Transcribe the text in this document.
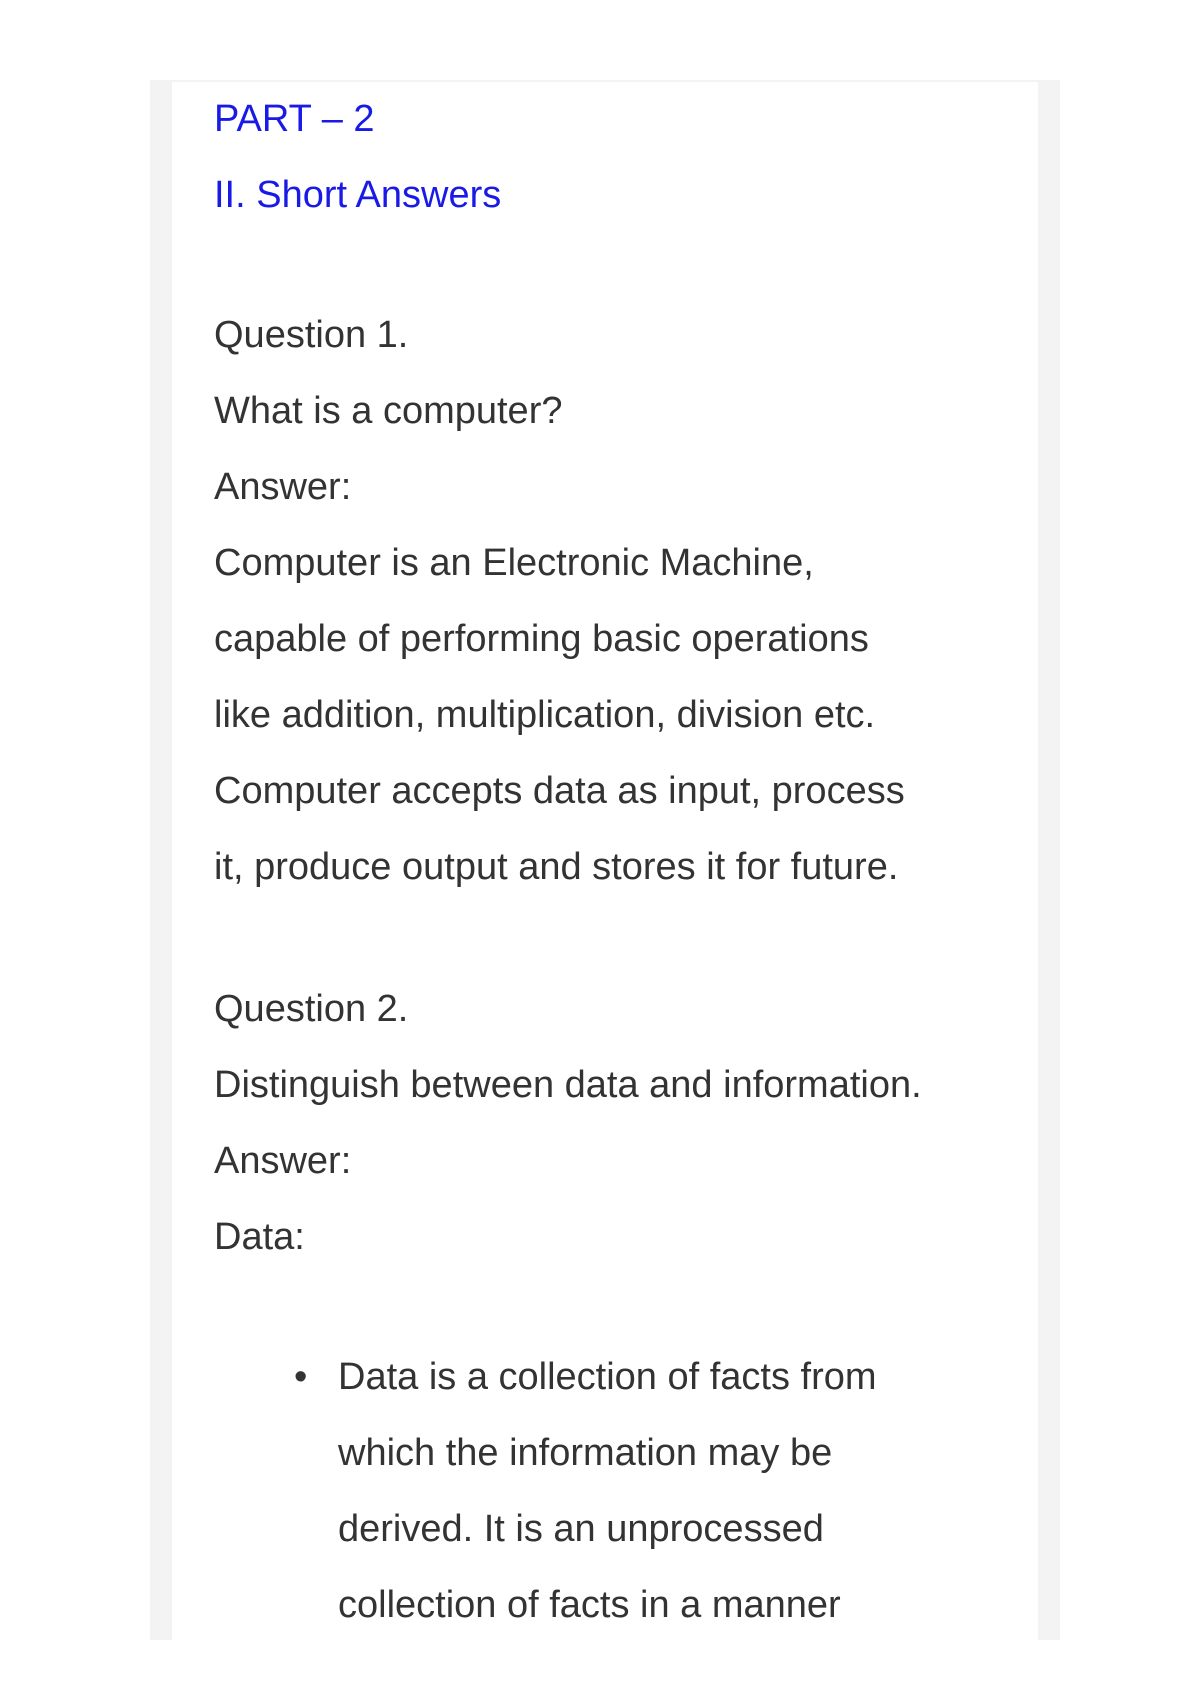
PART – 2
II. Short Answers
Question 1.
What is a computer?
Answer:
Computer is an Electronic Machine,
capable of performing basic operations
like addition, multiplication, division etc.
Computer accepts data as input, process
it, produce output and stores it for future.
Question 2.
Distinguish between data and information.
Answer:
Data:
• Data is a collection of facts from
which the information may be
derived. It is an unprocessed
collection of facts in a manner
